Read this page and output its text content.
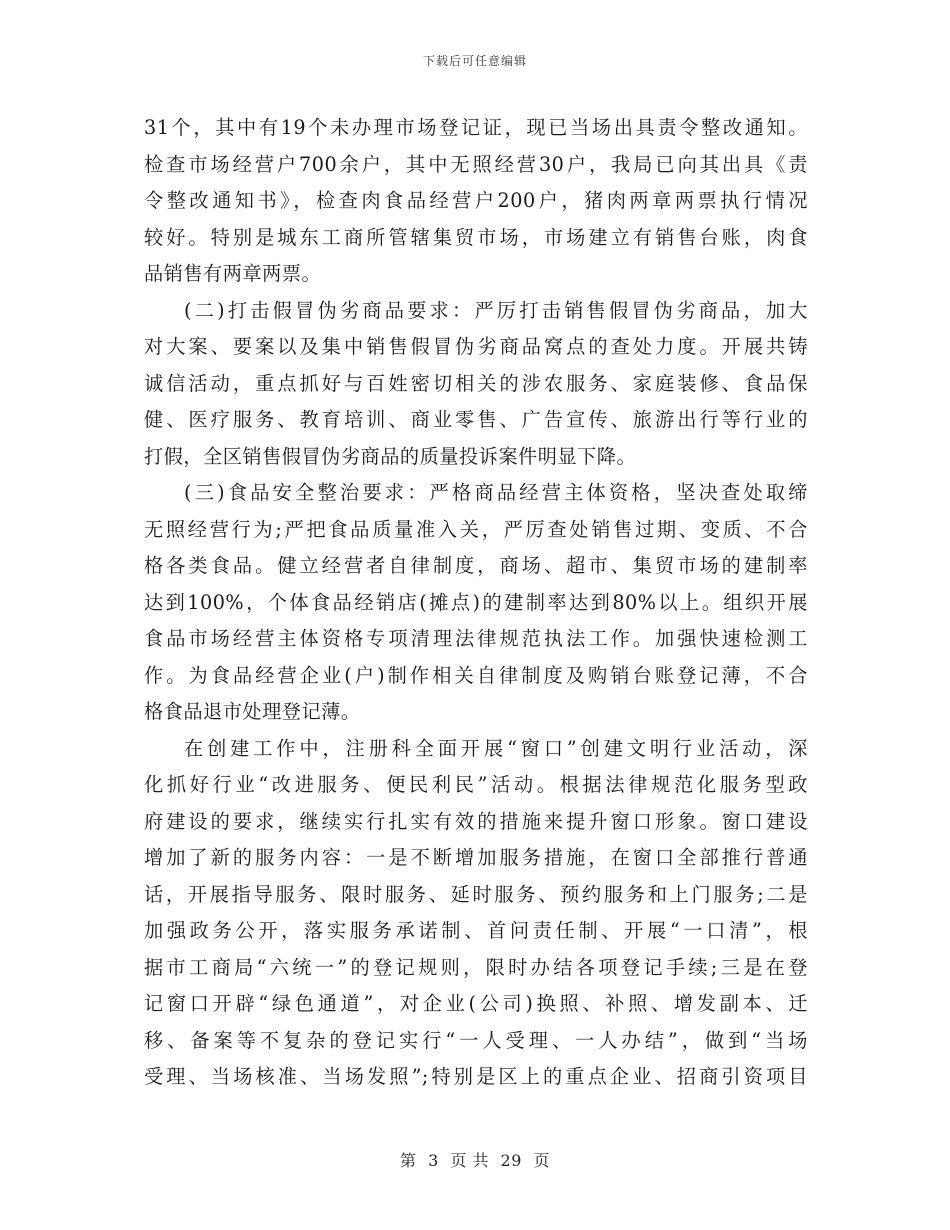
下载后可任意编辑
31个，其中有19个未办理市场登记证，现已当场出具责令整改通知。
检查市场经营户700余户，其中无照经营30户，我局已向其出具《责
令整改通知书》，检查肉食品经营户200户，猪肉两章两票执行情况
较好。特别是城东工商所管辖集贸市场，市场建立有销售台账，肉食
品销售有两章两票。
(二)打击假冒伪劣商品要求：严厉打击销售假冒伪劣商品，加大
对大案、要案以及集中销售假冒伪劣商品窝点的查处力度。开展共铸
诚信活动，重点抓好与百姓密切相关的涉农服务、家庭装修、食品保
健、医疗服务、教育培训、商业零售、广告宣传、旅游出行等行业的
打假，全区销售假冒伪劣商品的质量投诉案件明显下降。
(三)食品安全整治要求：严格商品经营主体资格，坚决查处取缔
无照经营行为;严把食品质量准入关，严厉查处销售过期、变质、不合
格各类食品。健立经营者自律制度，商场、超市、集贸市场的建制率
达到100%，个体食品经销店(摊点)的建制率达到80%以上。组织开展
食品市场经营主体资格专项清理法律规范执法工作。加强快速检测工
作。为食品经营企业(户)制作相关自律制度及购销台账登记薄，不合
格食品退市处理登记薄。
在创建工作中，注册科全面开展“窗口”创建文明行业活动，深
化抓好行业“改进服务、便民利民”活动。根据法律规范化服务型政
府建设的要求，继续实行扎实有效的措施来提升窗口形象。窗口建设
增加了新的服务内容：一是不断增加服务措施，在窗口全部推行普通
话，开展指导服务、限时服务、延时服务、预约服务和上门服务;二是
加强政务公开，落实服务承诺制、首问责任制、开展“一口清”，根
据市工商局“六统一”的登记规则，限时办结各项登记手续;三是在登
记窗口开辟“绿色通道”，对企业(公司)换照、补照、增发副本、迁
移、备案等不复杂的登记实行“一人受理、一人办结”，做到“当场
受理、当场核准、当场发照”;特别是区上的重点企业、招商引资项目
第 3 页 共 29 页
